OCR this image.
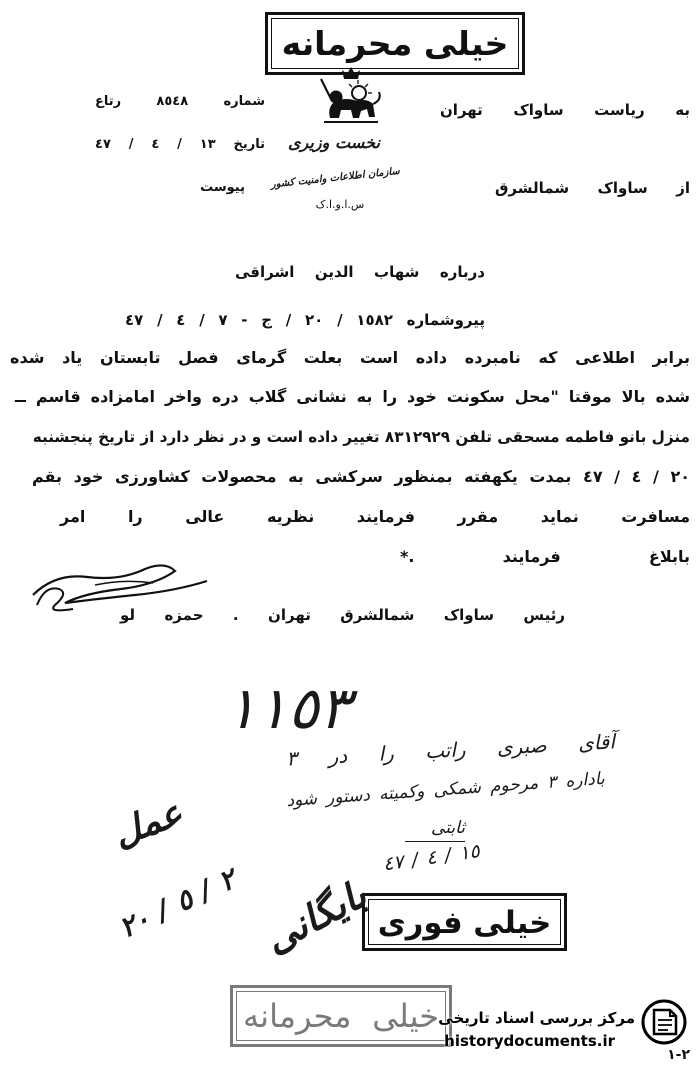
خیلی محرمانه
نخست وزیری
سازمان اطلاعات وامنیت کشور
س.ا.و.ا.ک
شماره ٨٥٤٨ رتاع
تاریخ ١٣ / ٤ / ٤٧
پیوست
به ریاست ساواک تهران
از ساواک شمالشرق
درباره شهاب الدین اشراقی
پیروشماره ١٥٨٢ / ٢٠ / ج - ٧ / ٤ / ٤٧
برابر اطلاعی که نامبرده داده است بعلت گرمای فصل تابستان یاد شده
شده بالا موقتا "محل سکونت خود را به نشانی گلاب دره واخر امامزاده قاسم ــ
منزل بانو فاطمه مسحقی تلفن ٨٣١٢٩٢٩ تغییر داده است و در نظر دارد از تاریخ پنجشنبه
٢٠ / ٤ / ٤٧ بمدت یکهفته بمنظور سرکشی به محصولات کشاورزی خود بقم
مسافرت نماید مقرر فرمایند نظریه عالی را امر
بابلاغ فرمایند .*
رئیس ساواک شمالشرق تهران . حمزه لو
١١٥٣
آقای صبری راتب را در ٣
باداره ٣ مرحوم شمکی وکمیته دستور شود
ثابتی
١٥ / ٤ / ٤٧
عمل
٢ / ٥ / ٢٠
خیلی فوری
بایگانی
خیلی محرمانه مرکز بررسی اسناد تاریخی
historydocuments.ir
٢-١
